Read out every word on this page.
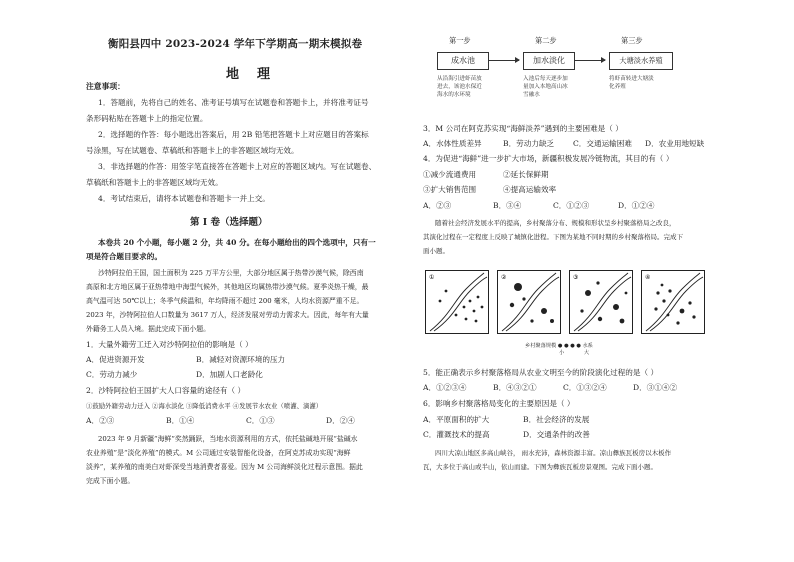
衡阳县四中 2023-2024 学年下学期高一期末模拟卷
地理
注意事项：
1．答题前，先将自己的姓名、准考证号填写在试题卷和答题卡上，并将准考证号
条形码粘贴在答题卡上的指定位置。
2．选择题的作答：每小题选出答案后，用 2B 铅笔把答题卡上对应题目的答案标
号涂黑，写在试题卷、草稿纸和答题卡上的非答题区域均无效。
3．非选择题的作答：用签字笔直接答在答题卡上对应的答题区域内。写在试题卷、
草稿纸和答题卡上的非答题区域均无效。
4．考试结束后，请将本试题卷和答题卡一并上交。
第 I 卷（选择题）
本卷共 20 个小题，每小题 2 分，共 40 分。在每小题给出的四个选项中，只有一
项是符合题目要求的。
沙特阿拉伯王国，国土面积为 225 万平方公里，大部分地区属于热带沙漠气候，除西南
高原和北方地区属于亚热带地中海型气候外，其他地区均属热带沙漠气候。夏季炎热干燥，最
高气温可达 50℃以上；冬季气候温和，年均降雨不超过 200 毫米，人均水资源严重不足。
2023 年，沙特阿拉伯人口数量为 3617 万人，经济发展对劳动力需求大。因此，每年有大量
外籍务工人员入境。据此完成下面小题。
1．大量外籍劳工迁入对沙特阿拉伯的影响是（ ）
A．促进资源开发	B．减轻对资源环境的压力
C．劳动力减少	D．加剧人口老龄化
2．沙特阿拉伯王国扩大人口容量的途径有（ ）
①鼓励外籍劳动力迁入 ②海水淡化 ③降低消费水平 ④发展节水农业（喷灌、滴灌）
A．②③	B．①④	C．①③	D．②④
2023 年 9 月新疆“海鲜”奖然踊跃，当地水资源利用的方式，依托盐碱地开展“盐碱水
农业养殖”是“淡化养殖”的模式。M 公司通过安装智能化设备，在阿克苏成功实现“海鲜
淡养”，某养殖的南美白对虾深受当地消费者喜爱。因为 M 公司海鲜淡化过程示意图。据此
完成下面小题。
第一步	第二步	第三步
成水池	加水淡化	大塘淡水养殖
从沿海引进虾苗放
进去，该池水保近
海水的水环境
入池后每天逐步加
量加入本地高山冰
雪融水
将虾苗转进大塘淡
化养殖
3．M 公司在阿克苏实现“海鲜淡养”遇到的主要困难是（ ）
A．水体性质差异	B．劳动力缺乏 C．交通运输困难 D．农业用地短缺
4．为促进“海鲜”进一步扩大市场，新疆积极发展冷链物流，其目的有（ ）
①减少流通费用	②延长保鲜期
③扩大销售范围	④提高运输效率
A．②③	B．③④	C．①②③	D．①②④
随着社会经济发展水平的提高，乡村聚落分布、规模和形状呈乡村聚落格局之改良，
其演化过程在一定程度上反映了城镇化进程。下图为某地不同时期的乡村聚落格局。完成下
面小题。
①	②	③	④
乡村聚落规模 ● ● ● ● 水系
小	大
5．能正确表示乡村聚落格局从农业文明至今的阶段演化过程的是（ ）
A．①②③④	B．④③②①	C．①③②④	D．③①④②
6．影响乡村聚落格局变化的主要原因是（ ）
A．平原面积的扩大	B．社会经济的发展
C．灌溉技术的提高	D．交通条件的改善
四川大凉山地区多高山峡谷， 雨水充沛，森林资源丰富。凉山彝族瓦板房以木板作
瓦，大多位于高山或半山，依山而建。下图为彝族瓦板房景观图。完成下面小题。
